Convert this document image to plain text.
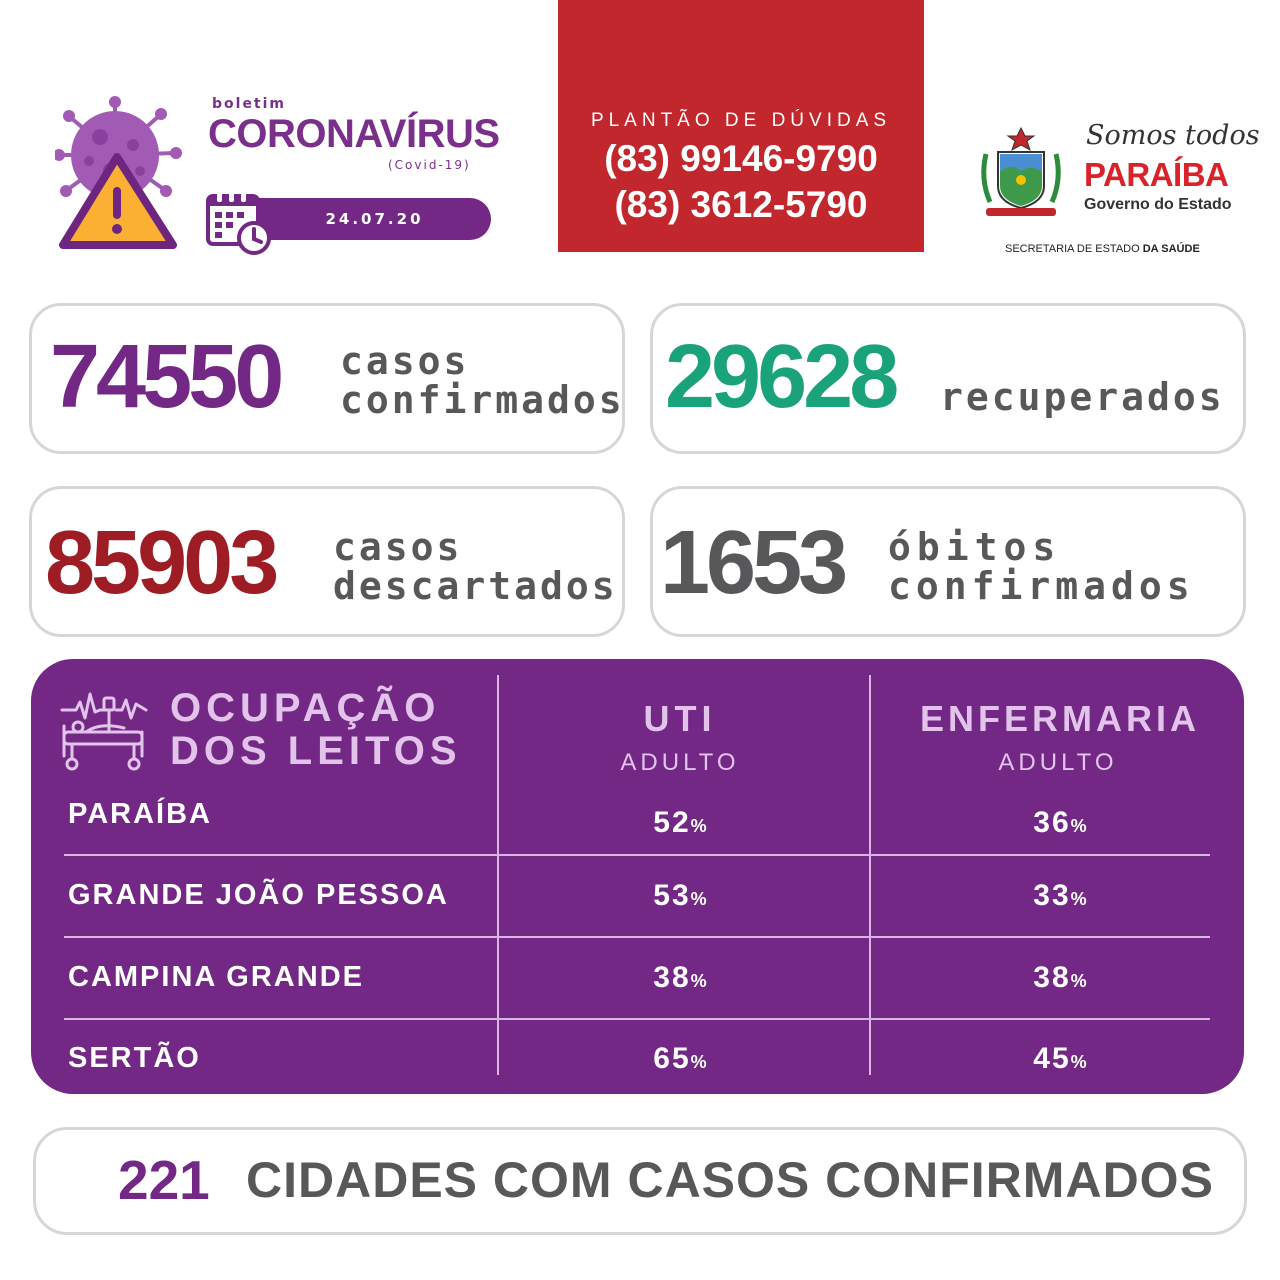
boletim
CORONAVÍRUS
(Covid-19)
24.07.20
PLANTÃO DE DÚVIDAS
(83) 99146-9790
(83) 3612-5790
Somos todos
PARAÍBA
Governo do Estado
SECRETARIA DE ESTADO DA SAÚDE
74550 casos
confirmados 29628 recuperados
85903 casos
descartados 1653 óbitos
confirmados
OCUPAÇÃO
DOS LEITOS
UTI
ADULTO
ENFERMARIA
ADULTO
PARAÍBA	52%	36%
GRANDE JOÃO PESSOA	53%	33%
CAMPINA GRANDE	38%	38%
SERTÃO	65%	45%
221 CIDADES COM CASOS CONFIRMADOS
